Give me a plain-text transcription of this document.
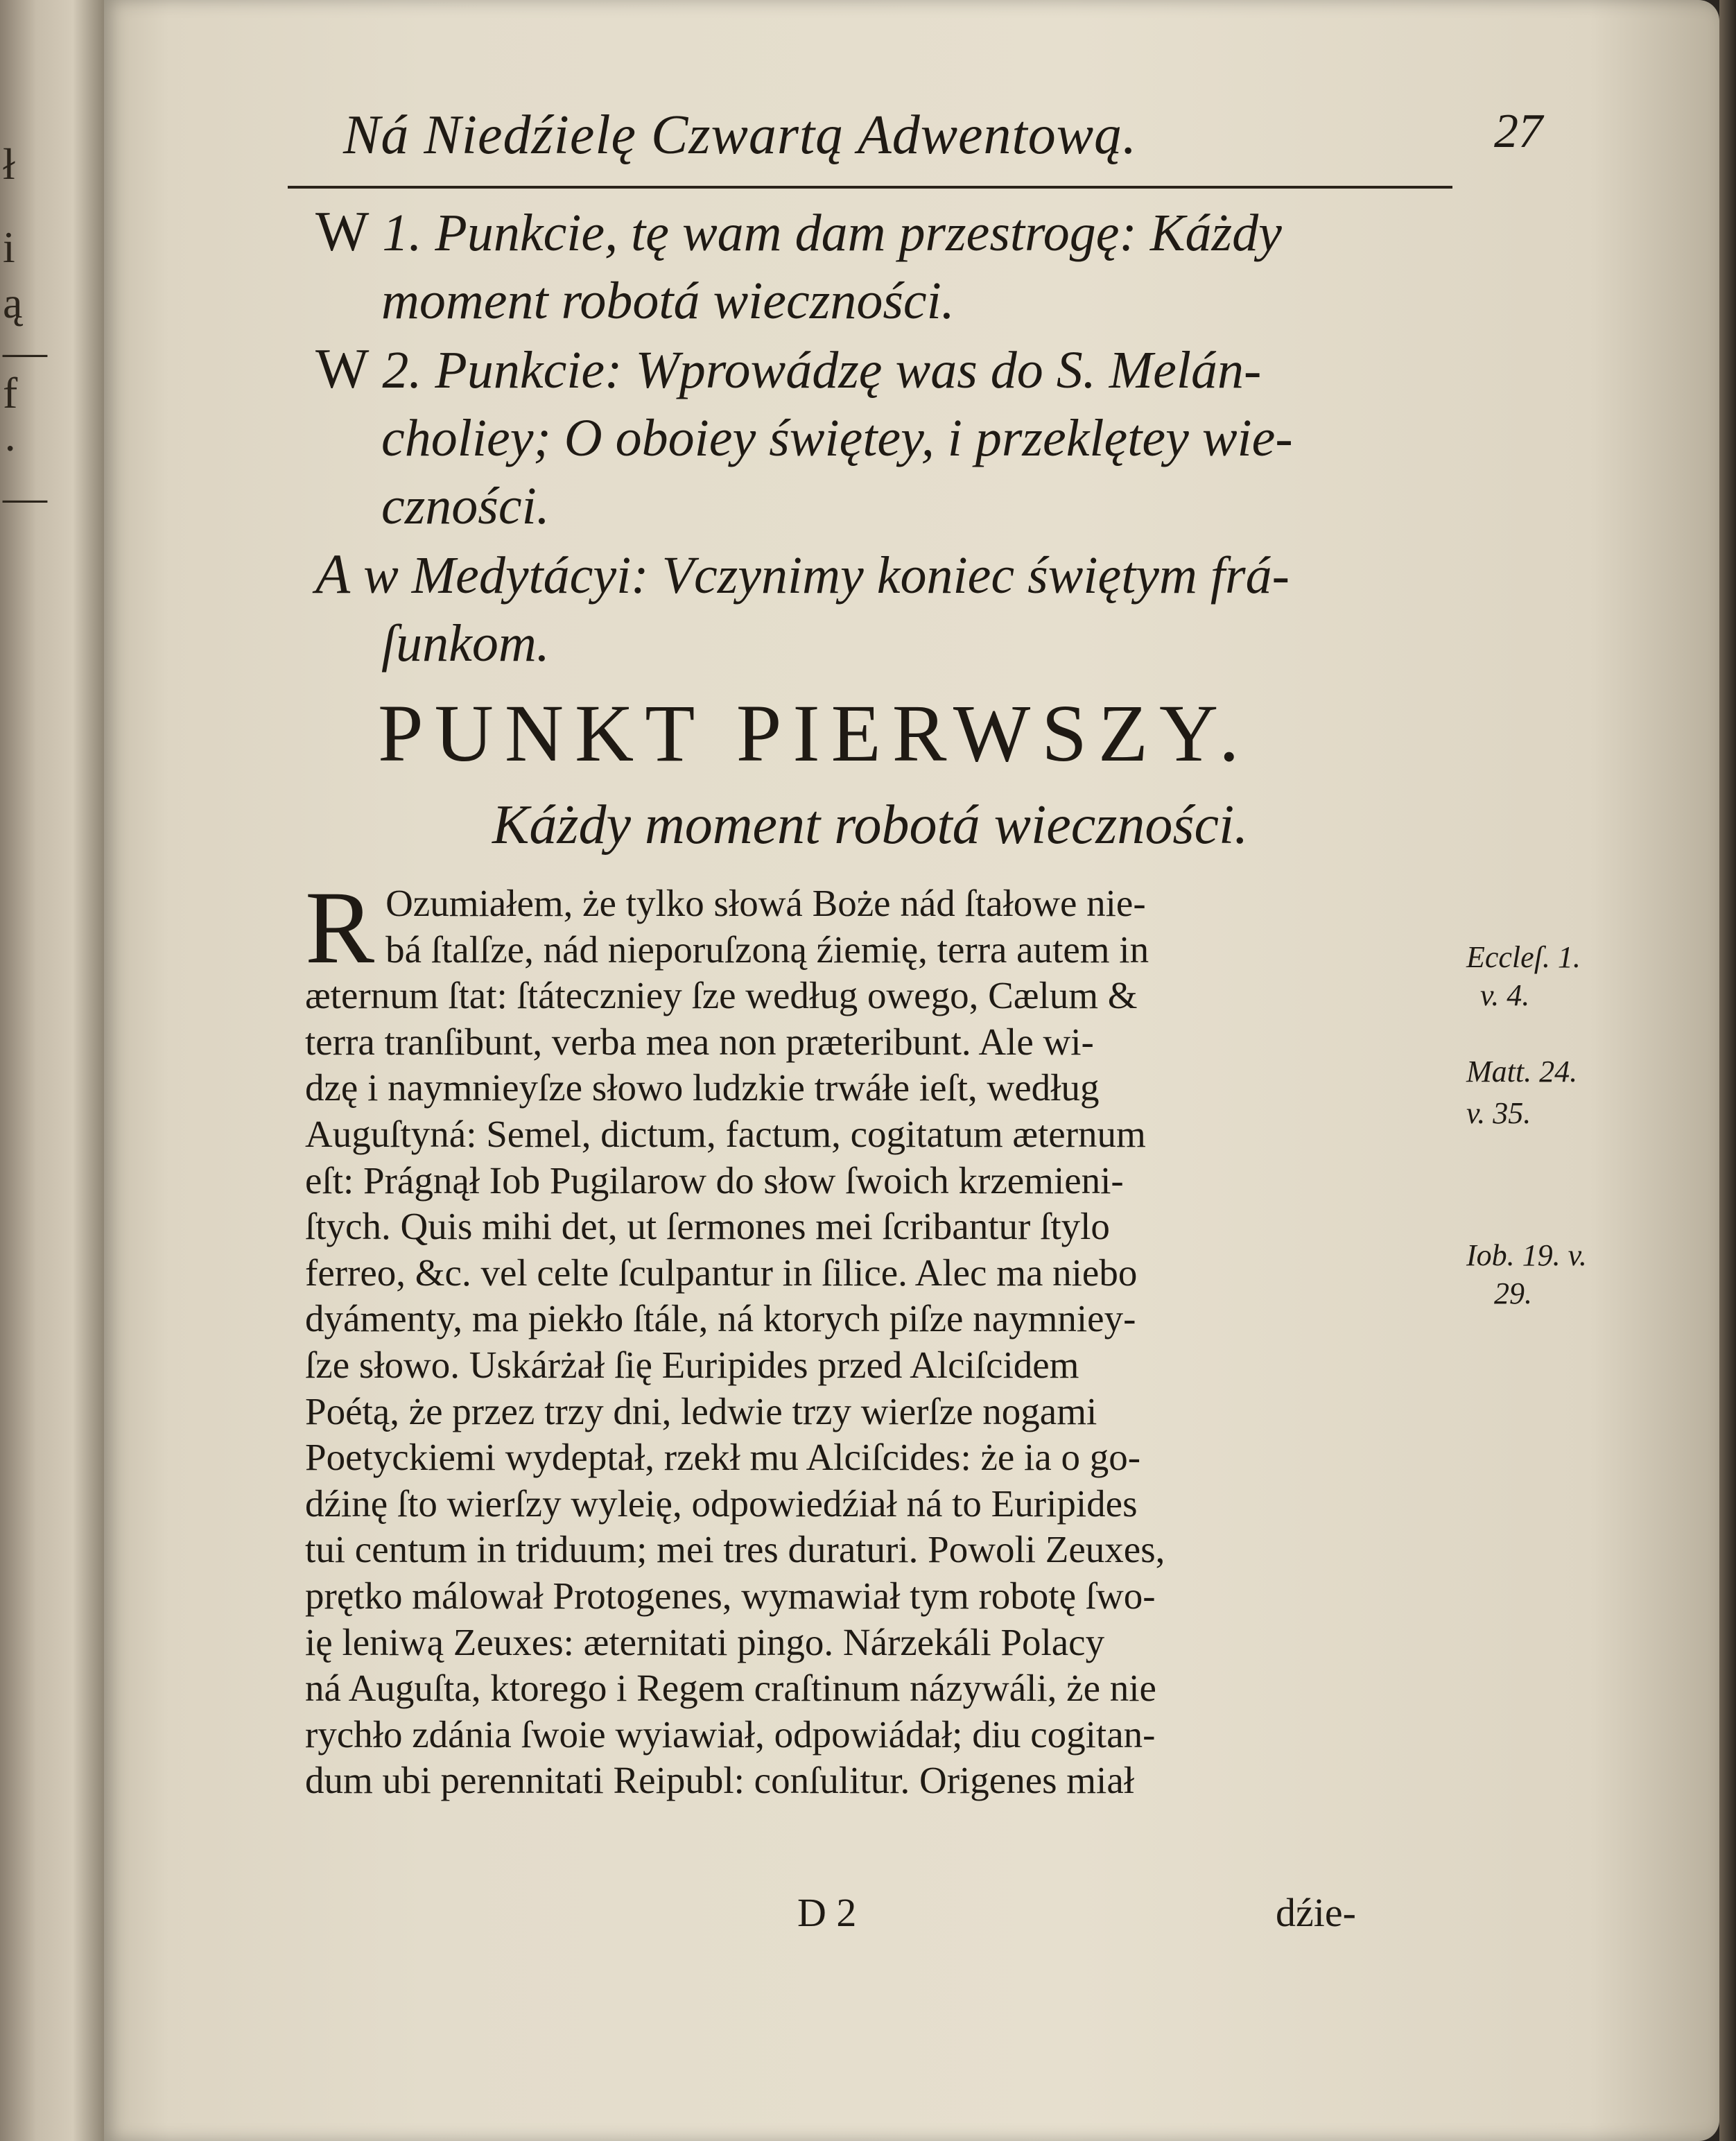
ł
i
ą
—
f
·
—
Ná Niedźielę Czwartą Adwentową.	27
W 1. Punkcie, tę wam dam przestrogę: Káżdy
moment robotá wieczności.
W 2. Punkcie: Wprowádzę was do S. Melán-
choliey; O oboiey świętey, i przeklętey wie-
czności.
A w Medytácyi: Vczynimy koniec świętym frá-
ſunkom.
PUNKT PIERWSZY.
Káżdy moment robotá wieczności.
R Ozumiałem, że tylko słowá Boże nád ſtałowe nie-
bá ſtalſze, nád nieporuſzoną źiemię, terra autem in
æternum ſtat: ſtáteczniey ſze według owego, Cælum &
terra tranſibunt, verba mea non præteribunt. Ale wi-
dzę i naymnieyſze słowo ludzkie trwáłe ieſt, według
Auguſtyná: Semel, dictum, factum, cogitatum æternum
eſt: Prágnął Iob Pugilarow do słow ſwoich krzemieni-
ſtych. Quis mihi det, ut ſermones mei ſcribantur ſtylo
ferreo, &c. vel celte ſculpantur in ſilice. Alec ma niebo
dyámenty, ma piekło ſtále, ná ktorych piſze naymniey-
ſze słowo. Uskárżał ſię Euripides przed Alciſcidem
Poétą, że przez trzy dni, ledwie trzy wierſze nogami
Poetyckiemi wydeptał, rzekł mu Alciſcides: że ia o go-
dźinę ſto wierſzy wyleię, odpowiedźiał ná to Euripides
tui centum in triduum; mei tres duraturi. Powoli Zeuxes,
prętko málował Protogenes, wymawiał tym robotę ſwo-
ię leniwą Zeuxes: æternitati pingo. Nárzekáli Polacy
ná Auguſta, ktorego i Regem craſtinum názywáli, że nie
rychło zdánia ſwoie wyiawiał, odpowiádał; diu cogitan-
dum ubi perennitati Reipubl: conſulitur. Origenes miał
Eccleſ. 1.
v. 4.
Matt. 24.
v. 35.
Iob. 19. v.
29.
D 2	dźie-
